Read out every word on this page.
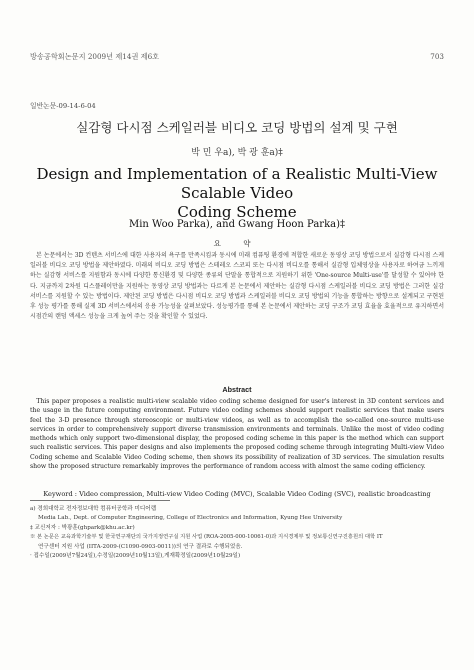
방송공학회논문지 2009년 제14권 제6호	703
일반논문-09-14-6-04
실감형 다시점 스케일러블 비디오 코딩 방법의 설계 및 구현
박 민 우a), 박 광 훈a)‡
Design and Implementation of a Realistic Multi-View Scalable Video
Coding Scheme
Min Woo Parka), and Gwang Hoon Parka)‡
요 약
본 논문에서는 3D 컨텐츠 서비스에 대한 사용자의 욕구를 만족시킴과 동시에 미래 컴퓨팅 환경에 적합한 새로운 동영상 코딩 방법으로서 실감형 다시점 스케일러블 비디오 코딩 방법을 제안하였다. 미래의 비디오 코딩 방법은 스테레오 스코피 또는 다시점 비디오를 통해서 실감형 입체영상을 사용자로 하여금 느끼게 하는 실감형 서비스를 지원함과 동시에 다양한 통신환경 및 다양한 종류의 단말을 통합적으로 지원하기 위한 'One-source Multi-use'를 달성할 수 있어야 한다. 지금까지 2차원 디스플레이만을 지원하는 동영상 코딩 방법과는 다르게 본 논문에서 제안하는 실감형 다시점 스케일러블 비디오 코딩 방법은 그러한 실감 서비스를 지원할 수 있는 방법이다. 제안된 코딩 방법은 다시점 비디오 코딩 방법과 스케일러블 비디오 코딩 방법의 기능을 통합하는 방향으로 설계되고 구현된 후 성능 평가를 통해 실제 3D 서비스에서의 응용 가능성을 살펴보았다. 성능평가를 통해 본 논문에서 제안하는 코딩 구조가 코딩 효율을 효율적으로 유지하면서 시점간의 랜덤 액세스 성능을 크게 높여 주는 것을 확인할 수 있었다.
Abstract
This paper proposes a realistic multi-view scalable video coding scheme designed for user's interest in 3D content services and the usage in the future computing environment. Future video coding schemes should support realistic services that make users feel the 3-D presence through stereoscopic or multi-view videos, as well as to accomplish the so-called one-source multi-use services in order to comprehensively support diverse transmission environments and terminals. Unlike the most of video coding methods which only support two-dimensional display, the proposed coding scheme in this paper is the method which can support such realistic services. This paper designs and also implements the proposed coding scheme through integrating Multi-view Video Coding scheme and Scalable Video Coding scheme, then shows its possibility of realization of 3D services. The simulation results show the proposed structure remarkably improves the performance of random access with almost the same coding efficiency.
Keyword : Video compression, Multi-view Video Coding (MVC), Scalable Video Coding (SVC), realistic broadcasting
a) 경희대학교 전자정보대학 컴퓨터공학과 미디어랩
Media Lab., Dept. of Computer Engineering, College of Electronics and Information, Kyung Hee University
‡ 교신저자 : 박광훈(ghpark@khu.ac.kr)
※ 본 논문은 교육과학기술부 및 한국연구재단의 국가지정연구실 지원 사업 (ROA-2005-000-10061-0)과 지식경제부 및 정보통신연구진흥원의 대학 IT
연구센터 지원 사업 (IITA-2009-(C1090-0903-0011))의 연구 결과로 수행되었음.
· 접수일(2009년7월24일),수정일(2009년10월13일),게재확정일(2009년10월29일)
